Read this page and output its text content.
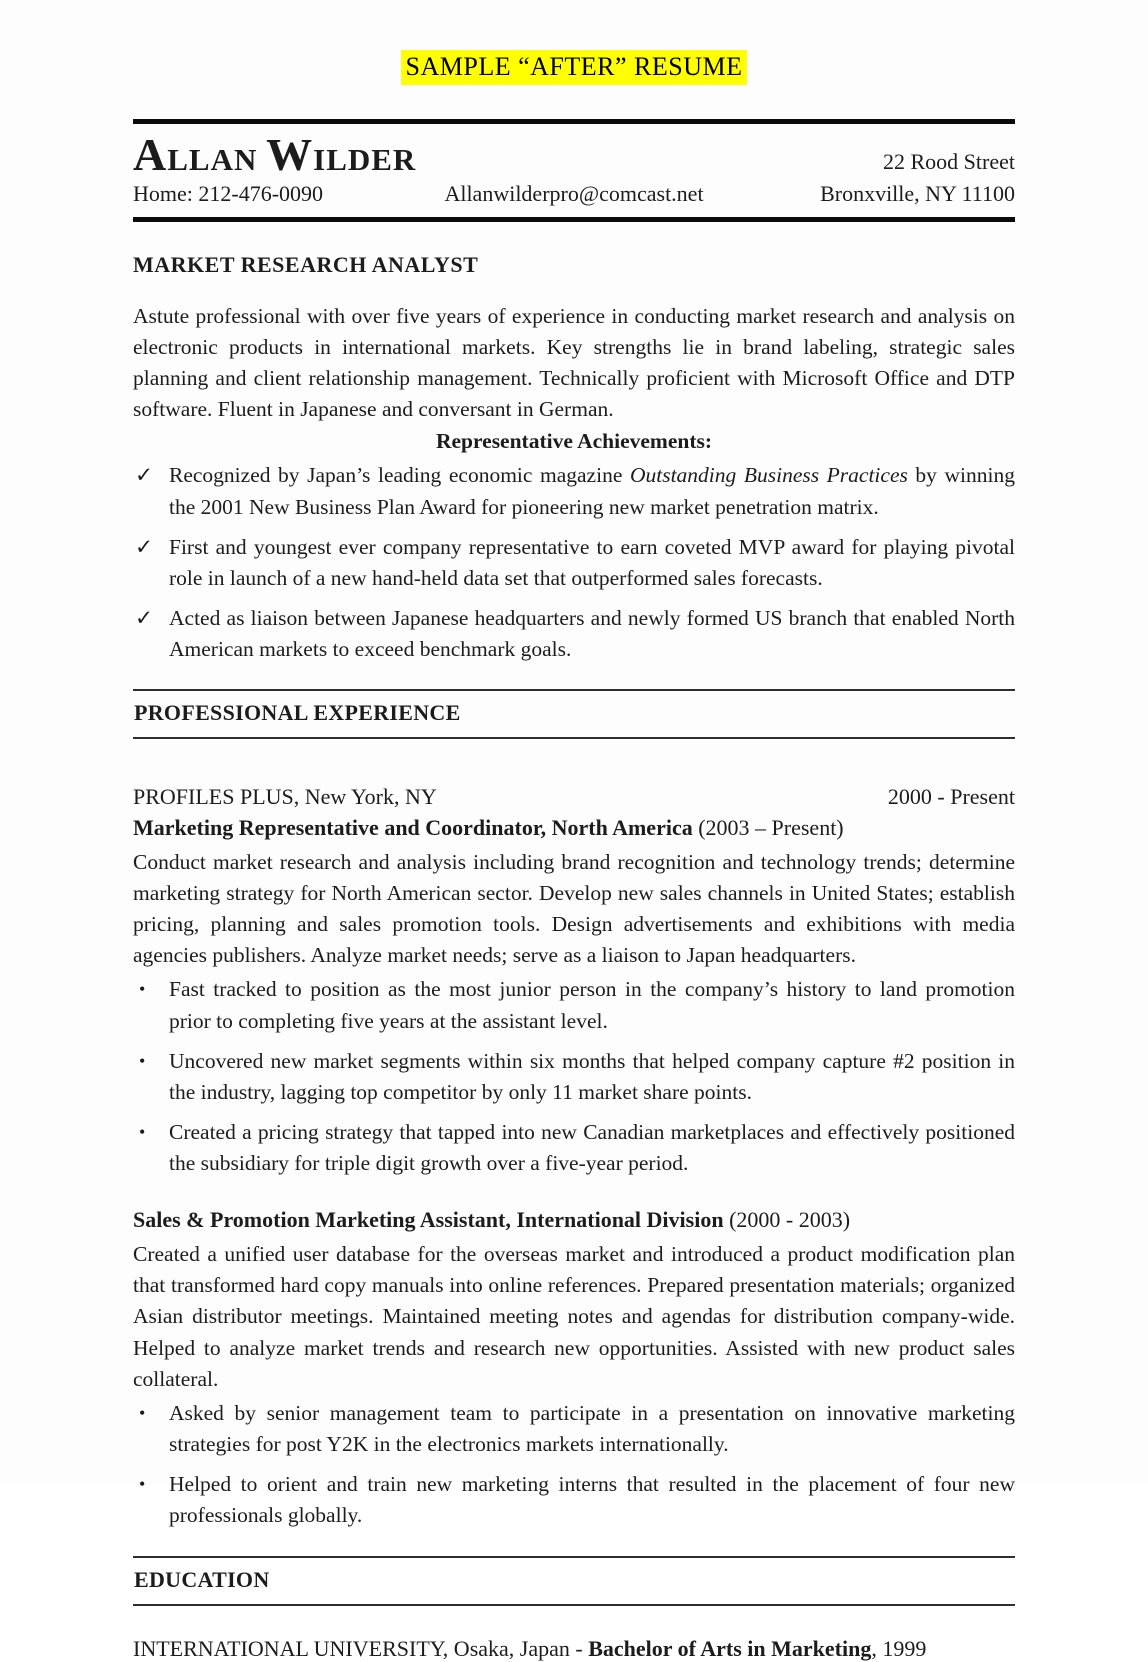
SAMPLE “AFTER” RESUME
ALLAN WILDER	22 Rood Street
Home: 212-476-0090	Allanwilderpro@comcast.net	Bronxville, NY 11100
MARKET RESEARCH ANALYST

Astute professional with over five years of experience in conducting market research and analysis on electronic products in international markets. Key strengths lie in brand labeling, strategic sales planning and client relationship management. Technically proficient with Microsoft Office and DTP software. Fluent in Japanese and conversant in German.

Representative Achievements:
✓ Recognized by Japan’s leading economic magazine Outstanding Business Practices by winning the 2001 New Business Plan Award for pioneering new market penetration matrix.
✓ First and youngest ever company representative to earn coveted MVP award for playing pivotal role in launch of a new hand-held data set that outperformed sales forecasts.
✓ Acted as liaison between Japanese headquarters and newly formed US branch that enabled North American markets to exceed benchmark goals.
PROFESSIONAL EXPERIENCE
PROFILES PLUS, New York, NY	2000 - Present
Marketing Representative and Coordinator, North America (2003 – Present)

Conduct market research and analysis including brand recognition and technology trends; determine marketing strategy for North American sector. Develop new sales channels in United States; establish pricing, planning and sales promotion tools. Design advertisements and exhibitions with media agencies publishers. Analyze market needs; serve as a liaison to Japan headquarters.

•	Fast tracked to position as the most junior person in the company’s history to land promotion prior to completing five years at the assistant level.
•	Uncovered new market segments within six months that helped company capture #2 position in the industry, lagging top competitor by only 11 market share points.
•	Created a pricing strategy that tapped into new Canadian marketplaces and effectively positioned the subsidiary for triple digit growth over a five-year period.
Sales & Promotion Marketing Assistant, International Division (2000 - 2003)

Created a unified user database for the overseas market and introduced a product modification plan that transformed hard copy manuals into online references. Prepared presentation materials; organized Asian distributor meetings. Maintained meeting notes and agendas for distribution company-wide. Helped to analyze market trends and research new opportunities. Assisted with new product sales collateral.

•	Asked by senior management team to participate in a presentation on innovative marketing strategies for post Y2K in the electronics markets internationally.
•	Helped to orient and train new marketing interns that resulted in the placement of four new professionals globally.
EDUCATION
INTERNATIONAL UNIVERSITY, Osaka, Japan - Bachelor of Arts in Marketing, 1999
